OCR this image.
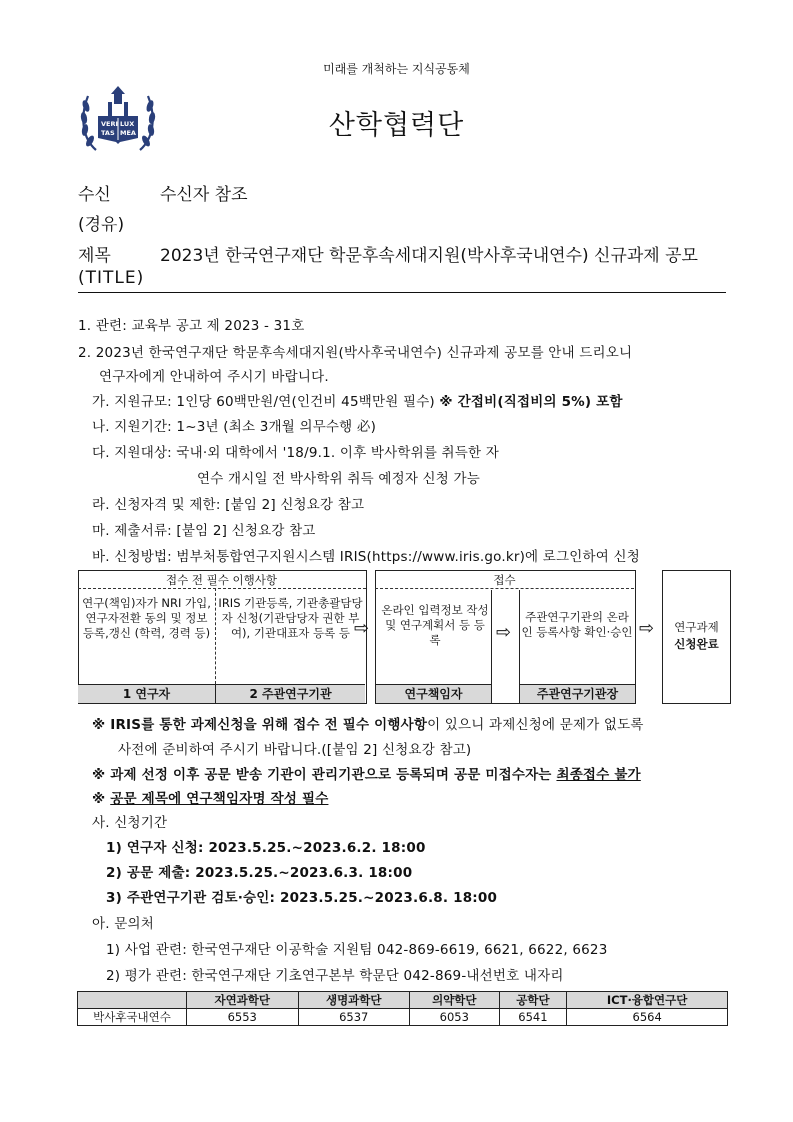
미래를 개척하는 지식공동체
VERI LUX
TAS MEA	산학협력단
수신	수신자 참조
(경유)
제목	2023년 한국연구재단 학문후속세대지원(박사후국내연수) 신규과제 공모
(TITLE)
1. 관련: 교육부 공고 제 2023 - 31호
2. 2023년 한국연구재단 학문후속세대지원(박사후국내연수) 신규과제 공모를 안내 드리오니
연구자에게 안내하여 주시기 바랍니다.
가. 지원규모: 1인당 60백만원/연(인건비 45백만원 필수) ※ 간접비(직접비의 5%) 포함
나. 지원기간: 1~3년 (최소 3개월 의무수행 必)
다. 지원대상: 국내·외 대학에서 '18/9.1. 이후 박사학위를 취득한 자
연수 개시일 전 박사학위 취득 예정자 신청 가능
라. 신청자격 및 제한: [붙임 2] 신청요강 참고
마. 제출서류: [붙임 2] 신청요강 참고
바. 신청방법: 범부처통합연구지원시스템 IRIS(https://www.iris.go.kr)에 로그인하여 신청
접수 전 필수 이행사항
연구(책임)자가 NRI 가입, 연구자전환 동의 및 정보 등록,갱신 (학력, 경력 등)
IRIS 기관등록, 기관총괄담당자 신청(기관담당자 권한 부여), 기관대표자 등록 등
1 연구자	2 주관연구기관
⇨
접수
온라인 입력정보 작성 및 연구계획서 등 등록	⇨
주관연구기관의 온라인 등록사항 확인·승인
연구책임자	주관연구기관장
⇨	연구과제
신청완료
※ IRIS를 통한 과제신청을 위해 접수 전 필수 이행사항이 있으니 과제신청에 문제가 없도록
사전에 준비하여 주시기 바랍니다.([붙임 2] 신청요강 참고)
※ 과제 선정 이후 공문 받송 기관이 관리기관으로 등록되며 공문 미접수자는 최종접수 불가
※ 공문 제목에 연구책임자명 작성 필수
사. 신청기간
1) 연구자 신청: 2023.5.25.~2023.6.2. 18:00
2) 공문 제출: 2023.5.25.~2023.6.3. 18:00
3) 주관연구기관 검토·승인: 2023.5.25.~2023.6.8. 18:00
아. 문의처
1) 사업 관련: 한국연구재단 이공학술 지원팀 042-869-6619, 6621, 6622, 6623
2) 평가 관련: 한국연구재단 기초연구본부 학문단 042-869-내선번호 내자리
	자연과학단	생명과학단	의약학단	공학단	ICT·융합연구단
박사후국내연수	6553	6537	6053	6541	6564
